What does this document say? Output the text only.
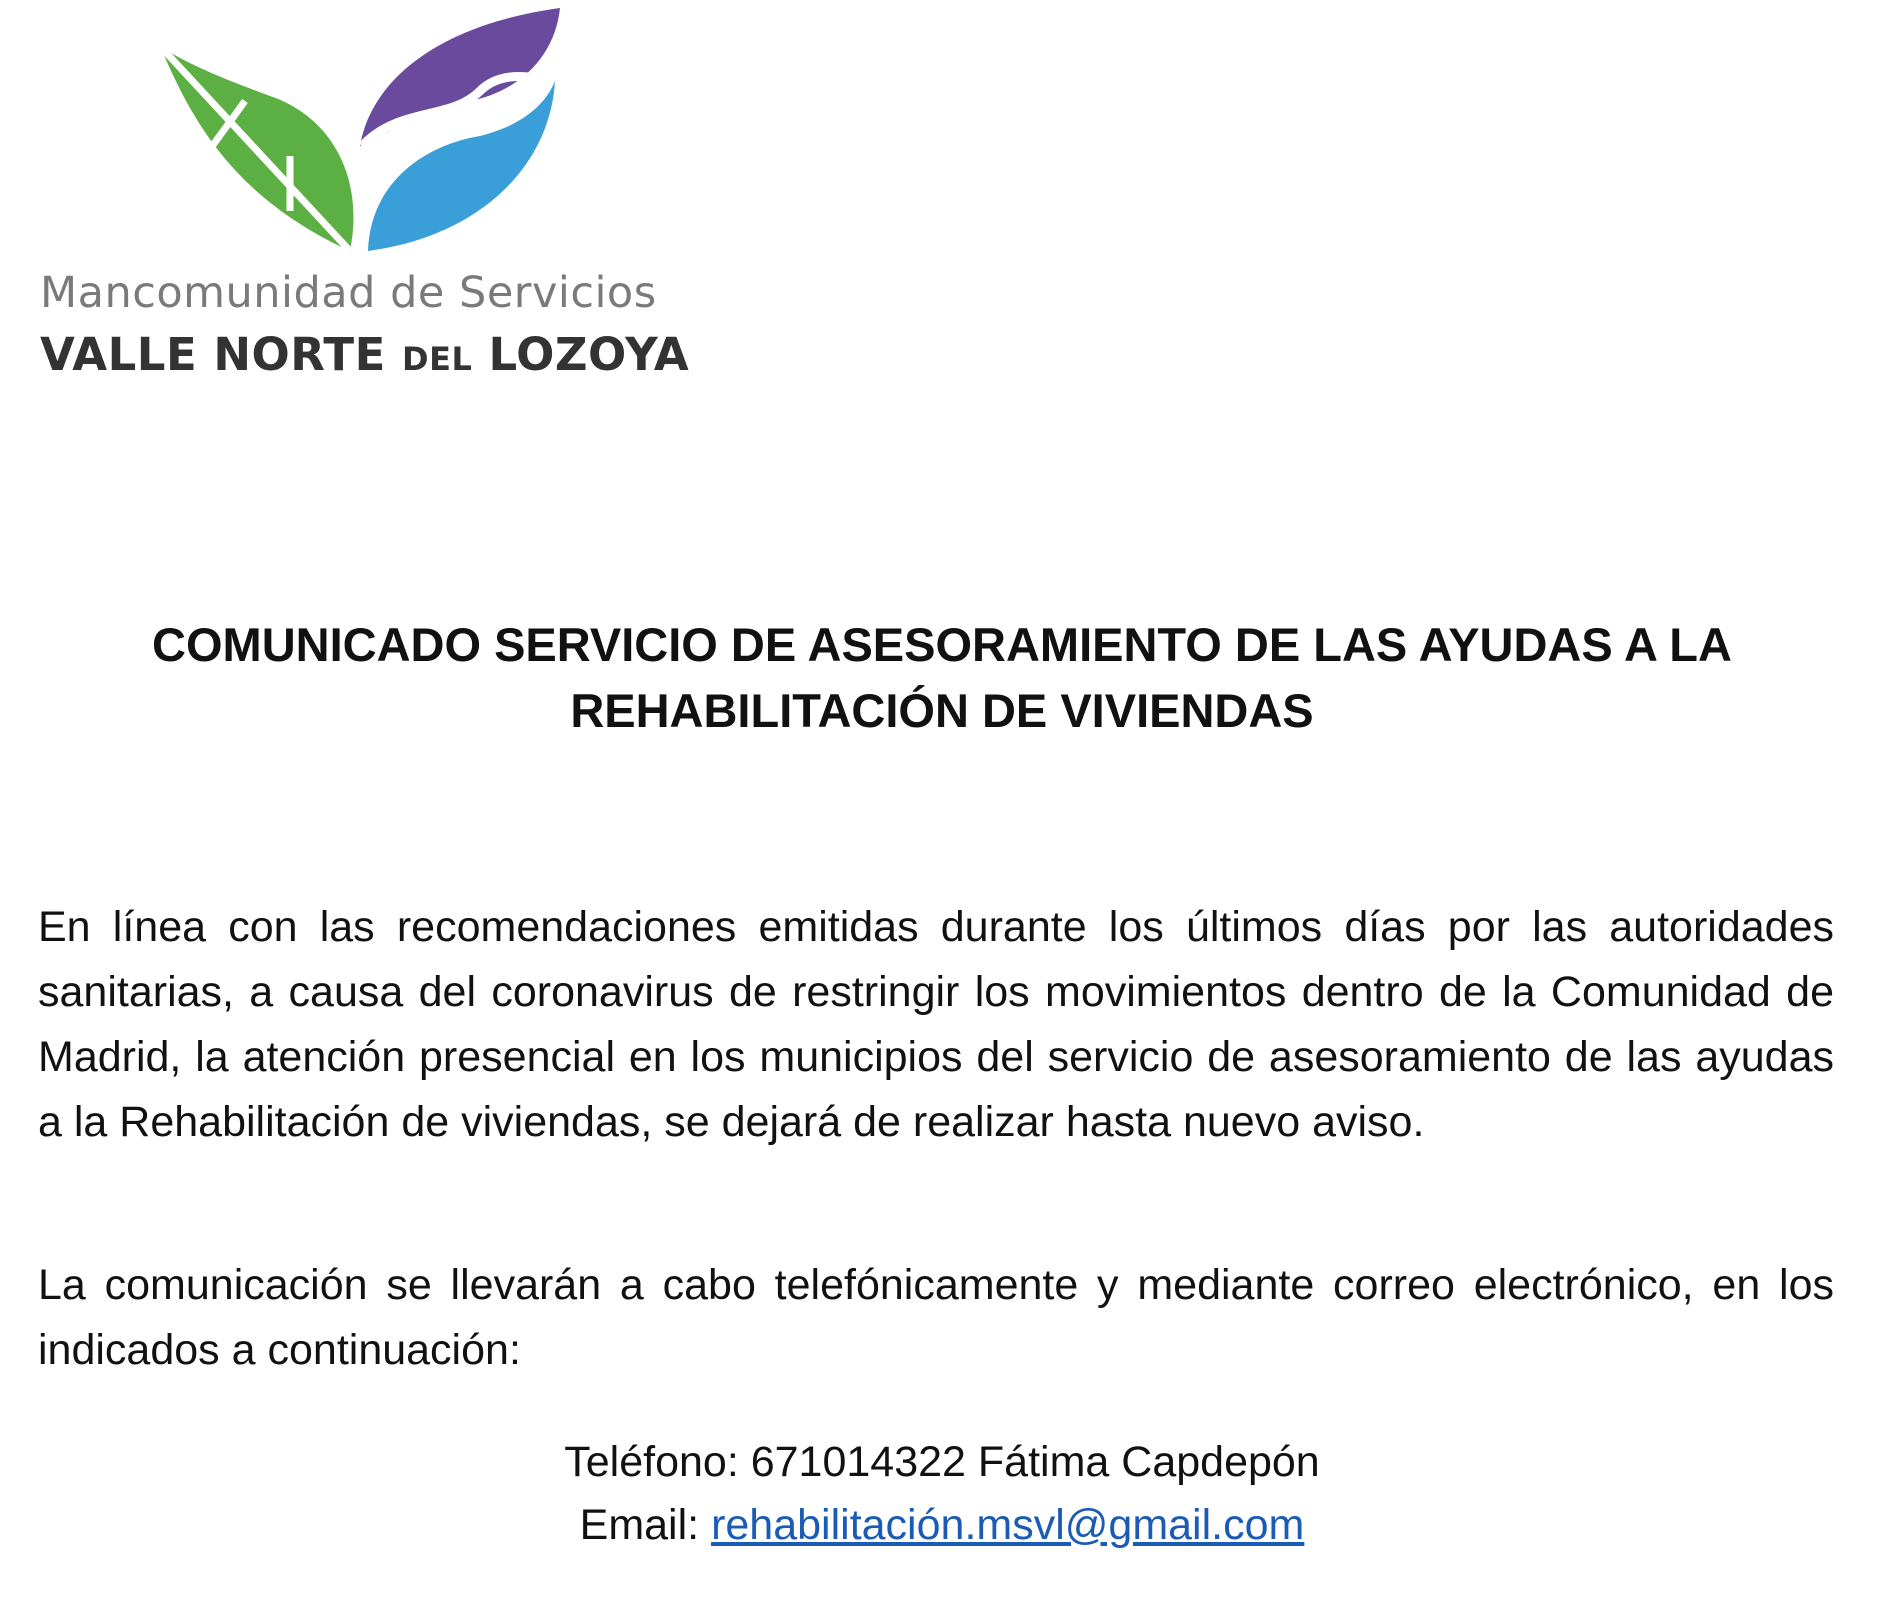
Mancomunidad de Servicios
VALLE NORTE DEL LOZOYA
COMUNICADO SERVICIO DE ASESORAMIENTO DE LAS AYUDAS A LA
REHABILITACIÓN DE VIVIENDAS

En línea con las recomendaciones emitidas durante los últimos días por las autoridades sanitarias, a causa del coronavirus de restringir los movimientos dentro de la Comunidad de Madrid, la atención presencial en los municipios del servicio de asesoramiento de las ayudas a la Rehabilitación de viviendas, se dejará de realizar hasta nuevo aviso.

La comunicación se llevarán a cabo telefónicamente y mediante correo electrónico, en los indicados a continuación:

Teléfono: 671014322 Fátima Capdepón

Email: rehabilitación.msvl@gmail.com
